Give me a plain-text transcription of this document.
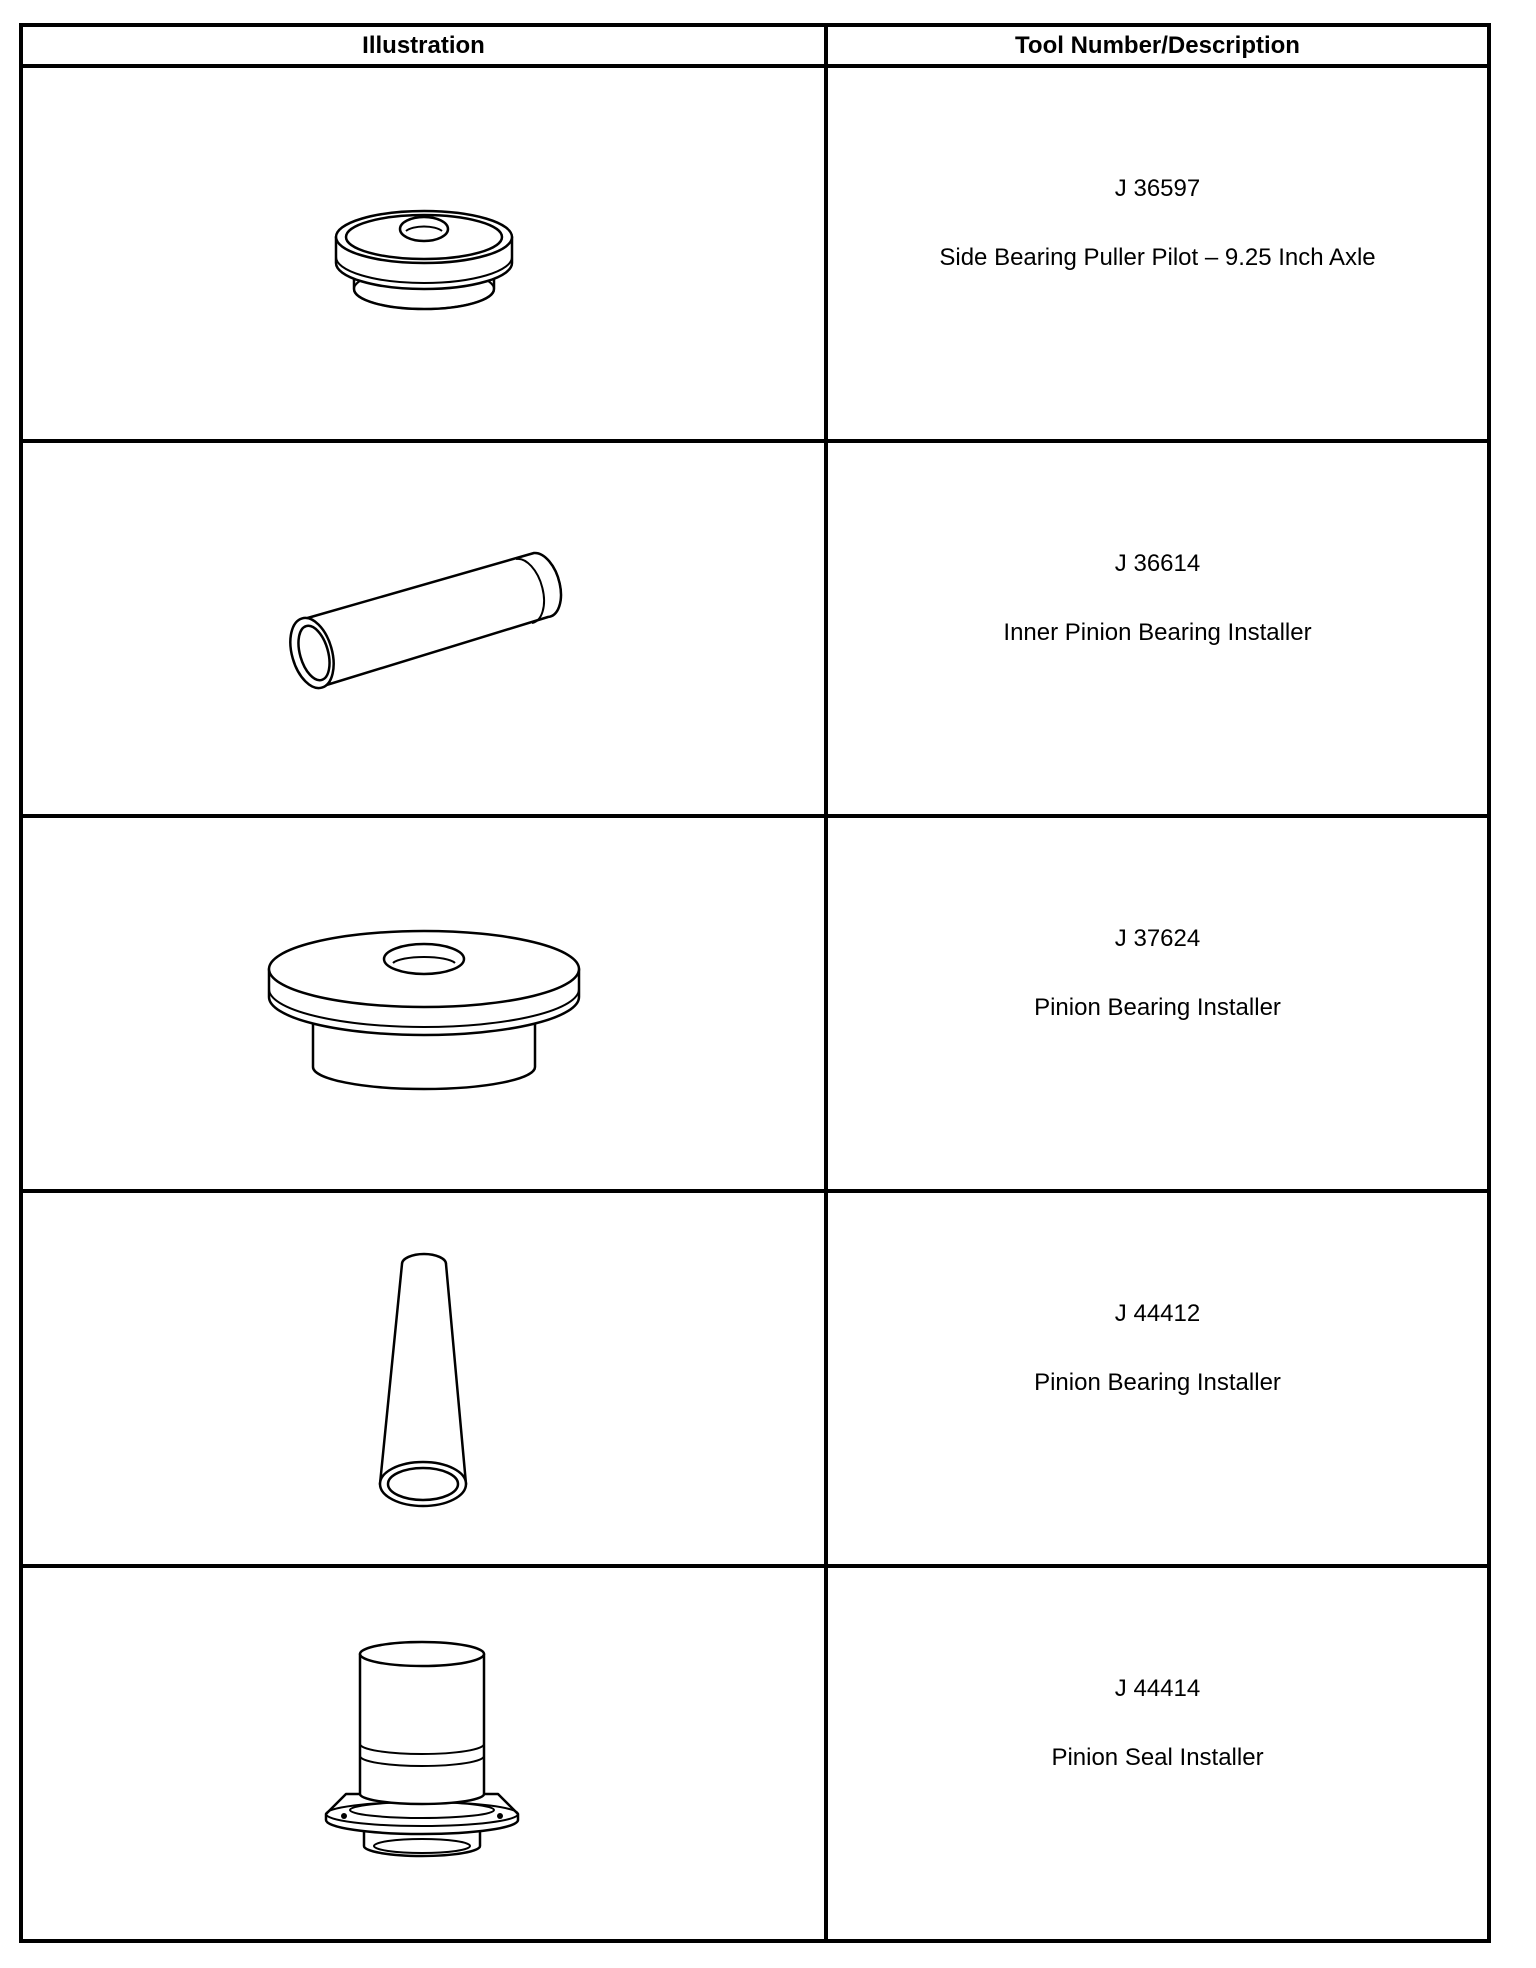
Illustration	Tool Number/Description

J 36597
Side Bearing Puller Pilot – 9.25 Inch Axle

J 36614
Inner Pinion Bearing Installer

J 37624
Pinion Bearing Installer

J 44412
Pinion Bearing Installer

J 44414
Pinion Seal Installer
